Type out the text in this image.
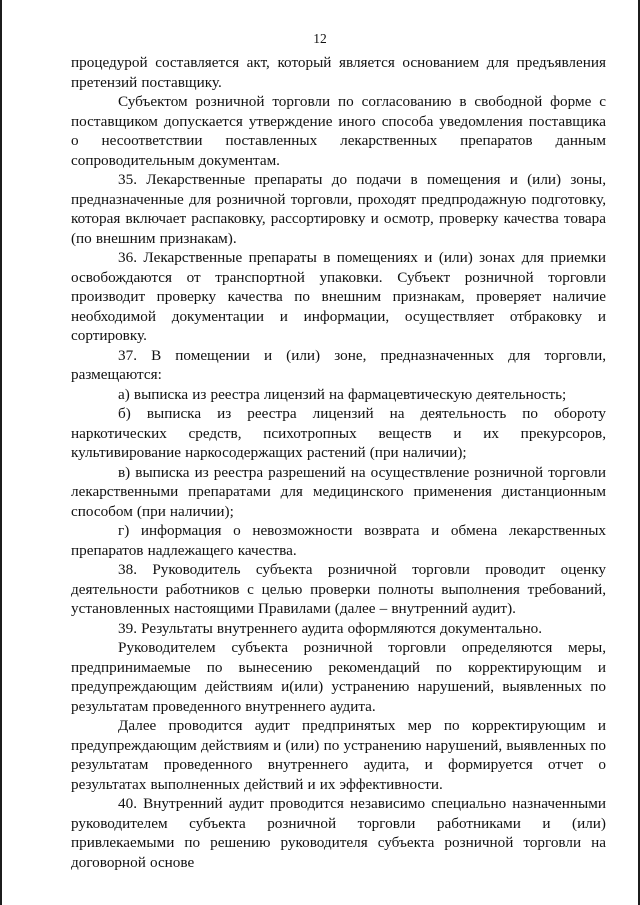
12

процедурой составляется акт, который является основанием для предъявления претензий поставщику.

Субъектом розничной торговли по согласованию в свободной форме с поставщиком допускается утверждение иного способа уведомления поставщика о несоответствии поставленных лекарственных препаратов данным сопроводительным документам.

35. Лекарственные препараты до подачи в помещения и (или) зоны, предназначенные для розничной торговли, проходят предпродажную подготовку, которая включает распаковку, рассортировку и осмотр, проверку качества товара (по внешним признакам).

36. Лекарственные препараты в помещениях и (или) зонах для приемки освобождаются от транспортной упаковки. Субъект розничной торговли производит проверку качества по внешним признакам, проверяет наличие необходимой документации и информации, осуществляет отбраковку и сортировку.

37. В помещении и (или) зоне, предназначенных для торговли, размещаются:

а) выписка из реестра лицензий на фармацевтическую деятельность;

б) выписка из реестра лицензий на деятельность по обороту наркотических средств, психотропных веществ и их прекурсоров, культивирование наркосодержащих растений (при наличии);

в) выписка из реестра разрешений на осуществление розничной торговли лекарственными препаратами для медицинского применения дистанционным способом (при наличии);

г) информация о невозможности возврата и обмена лекарственных препаратов надлежащего качества.

38. Руководитель субъекта розничной торговли проводит оценку деятельности работников с целью проверки полноты выполнения требований, установленных настоящими Правилами (далее – внутренний аудит).

39. Результаты внутреннего аудита оформляются документально.

Руководителем субъекта розничной торговли определяются меры, предпринимаемые по вынесению рекомендаций по корректирующим и предупреждающим действиям и(или) устранению нарушений, выявленных по результатам проведенного внутреннего аудита.

Далее проводится аудит предпринятых мер по корректирующим и предупреждающим действиям и (или) по устранению нарушений, выявленных по результатам проведенного внутреннего аудита, и формируется отчет о результатах выполненных действий и их эффективности.

40. Внутренний аудит проводится независимо специально назначенными руководителем субъекта розничной торговли работниками и (или) привлекаемыми по решению руководителя субъекта розничной торговли на договорной основе
